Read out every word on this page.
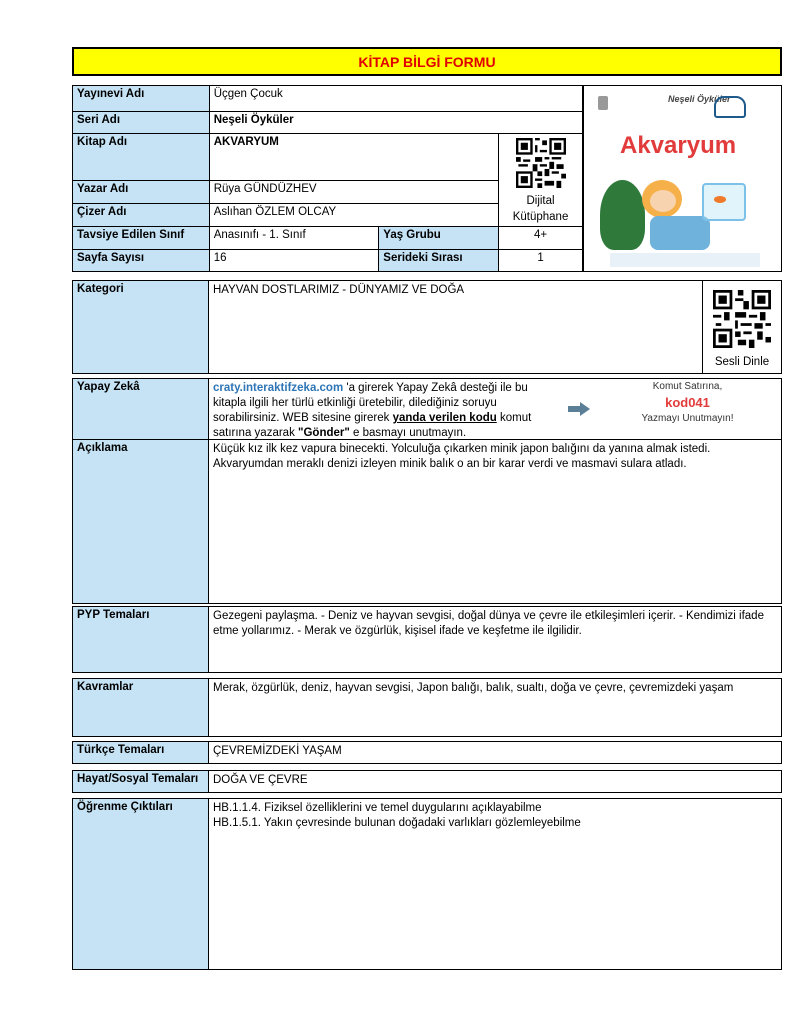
KİTAP BİLGİ FORMU
Yayınevi Adı	Üçgen Çocuk		
Seri Adı	Neşeli Öyküler		
Kitap Adı	AKVARYUM		Dijital Kütüphane

Yazar Adı	Rüya GÜNDÜZHEV		
Çizer Adı	Aslıhan ÖZLEM OLCAY		
Tavsiye Edilen Sınıf	Anasınıfı - 1. Sınıf	Yaş Grubu	4+
Sayfa Sayısı	16	Serideki Sırası	1
Neşeli Öyküler
Akvaryum
Kategori	HAYVAN DOSTLARIMIZ - DÜNYAMIZ VE DOĞA
Sesli Dinle
Yapay Zekâ	craty.interaktifzeka.com 'a girerek Yapay Zekâ desteği ile bu kitapla ilgili her türlü etkinliği üretebilir, dilediğiniz soruyu sorabilirsiniz. WEB sitesine girerek yanda verilen kodu komut satırına yazarak "Gönder" e basmayı unutmayın.
Komut Satırına,
kod041
Yazmayı Unutmayın!
Açıklama	Küçük kız ilk kez vapura binecekti. Yolculuğa çıkarken minik japon balığını da yanına almak istedi. Akvaryumdan meraklı denizi izleyen minik balık o an bir karar verdi ve masmavi sulara atladı.
PYP Temaları	Gezegeni paylaşma. - Deniz ve hayvan sevgisi, doğal dünya ve çevre ile etkileşimleri içerir. - Kendimizi ifade etme yollarımız. - Merak ve özgürlük, kişisel ifade ve keşfetme ile ilgilidir.
Kavramlar	Merak, özgürlük, deniz, hayvan sevgisi, Japon balığı, balık, sualtı, doğa ve çevre, çevremizdeki yaşam
Türkçe Temaları	ÇEVREMİZDEKİ YAŞAM
Hayat/Sosyal Temaları	DOĞA VE ÇEVRE
Öğrenme Çıktıları	HB.1.1.4. Fiziksel özelliklerini ve temel duygularını açıklayabilme
HB.1.5.1. Yakın çevresinde bulunan doğadaki varlıkları gözlemleyebilme
